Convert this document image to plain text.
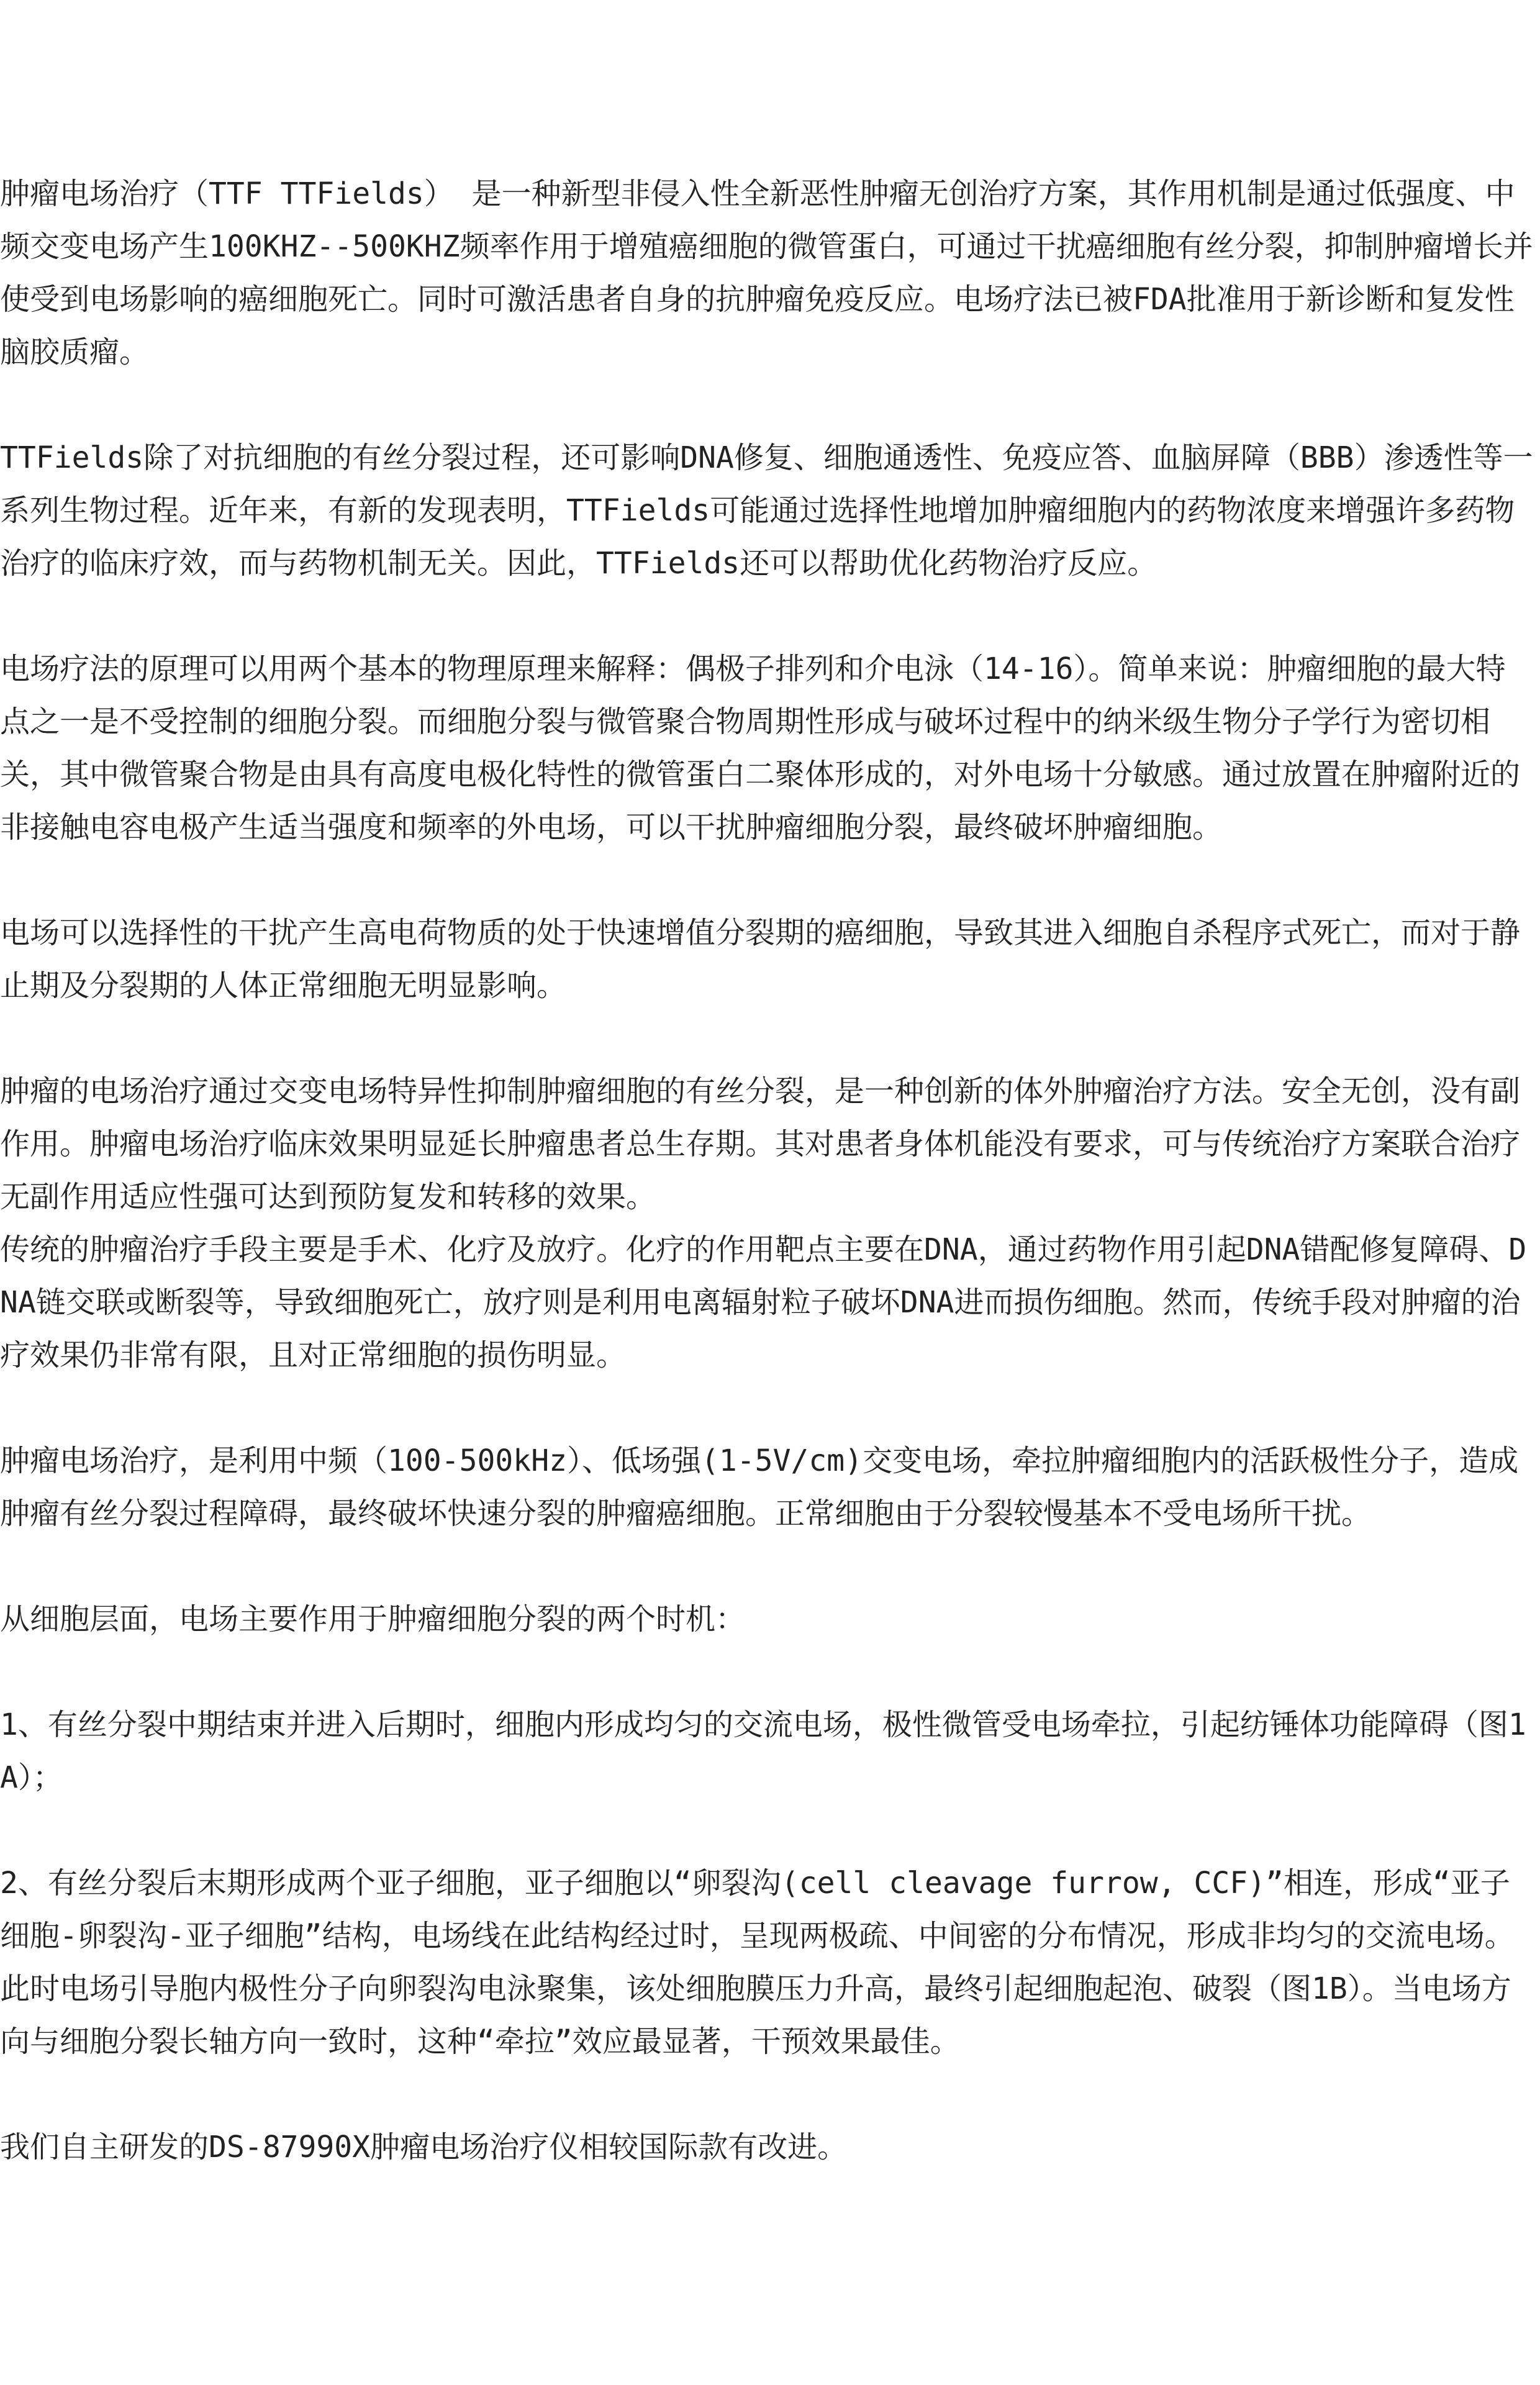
肿瘤电场治疗（TTF TTFields） 是一种新型非侵入性全新恶性肿瘤无创治疗方案，其作用机制是通过低强度、中频交变电场产生100KHZ--500KHZ频率作用于增殖癌细胞的微管蛋白，可通过干扰癌细胞有丝分裂，抑制肿瘤增长并使受到电场影响的癌细胞死亡。同时可激活患者自身的抗肿瘤免疫反应。电场疗法已被FDA批准用于新诊断和复发性脑胶质瘤。

TTFields除了对抗细胞的有丝分裂过程，还可影响DNA修复、细胞通透性、免疫应答、血脑屏障（BBB）渗透性等一系列生物过程。近年来，有新的发现表明，TTFields可能通过选择性地增加肿瘤细胞内的药物浓度来增强许多药物治疗的临床疗效，而与药物机制无关。因此，TTFields还可以帮助优化药物治疗反应。

电场疗法的原理可以用两个基本的物理原理来解释：偶极子排列和介电泳（14-16）。简单来说：肿瘤细胞的最大特点之一是不受控制的细胞分裂。而细胞分裂与微管聚合物周期性形成与破坏过程中的纳米级生物分子学行为密切相关，其中微管聚合物是由具有高度电极化特性的微管蛋白二聚体形成的，对外电场十分敏感。通过放置在肿瘤附近的非接触电容电极产生适当强度和频率的外电场，可以干扰肿瘤细胞分裂，最终破坏肿瘤细胞。

电场可以选择性的干扰产生高电荷物质的处于快速增值分裂期的癌细胞，导致其进入细胞自杀程序式死亡，而对于静止期及分裂期的人体正常细胞无明显影响。

肿瘤的电场治疗通过交变电场特异性抑制肿瘤细胞的有丝分裂，是一种创新的体外肿瘤治疗方法。安全无创，没有副作用。肿瘤电场治疗临床效果明显延长肿瘤患者总生存期。其对患者身体机能没有要求，可与传统治疗方案联合治疗无副作用适应性强可达到预防复发和转移的效果。

传统的肿瘤治疗手段主要是手术、化疗及放疗。化疗的作用靶点主要在DNA，通过药物作用引起DNA错配修复障碍、DNA链交联或断裂等，导致细胞死亡，放疗则是利用电离辐射粒子破坏DNA进而损伤细胞。然而，传统手段对肿瘤的治疗效果仍非常有限，且对正常细胞的损伤明显。

肿瘤电场治疗，是利用中频（100-500kHz）、低场强(1-5V/cm)交变电场，牵拉肿瘤细胞内的活跃极性分子，造成肿瘤有丝分裂过程障碍，最终破坏快速分裂的肿瘤癌细胞。正常细胞由于分裂较慢基本不受电场所干扰。

从细胞层面，电场主要作用于肿瘤细胞分裂的两个时机：

1、有丝分裂中期结束并进入后期时，细胞内形成均匀的交流电场，极性微管受电场牵拉，引起纺锤体功能障碍（图1A）；

2、有丝分裂后末期形成两个亚子细胞，亚子细胞以“卵裂沟(cell cleavage furrow, CCF)”相连，形成“亚子细胞-卵裂沟-亚子细胞”结构，电场线在此结构经过时，呈现两极疏、中间密的分布情况，形成非均匀的交流电场。此时电场引导胞内极性分子向卵裂沟电泳聚集，该处细胞膜压力升高，最终引起细胞起泡、破裂（图1B）。当电场方向与细胞分裂长轴方向一致时，这种“牵拉”效应最显著，干预效果最佳。

我们自主研发的DS-87990X肿瘤电场治疗仪相较国际款有改进。
